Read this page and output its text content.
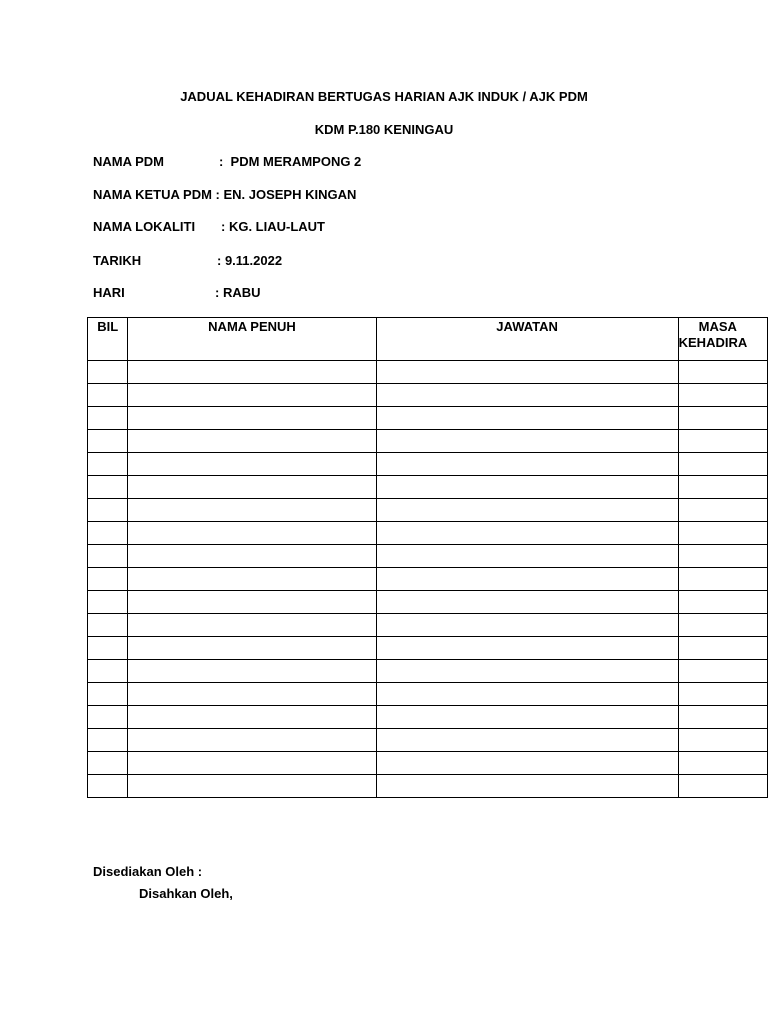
JADUAL KEHADIRAN BERTUGAS HARIAN AJK INDUK / AJK PDM
KDM P.180 KENINGAU
NAMA PDM	:  PDM MERAMPONG 2
NAMA KETUA PDM : EN. JOSEPH KINGAN
NAMA LOKALITI : KG. LIAU-LAUT
TARIKH	: 9.11.2022
HARI	: RABU
BIL	NAMA PENUH	JAWATAN	MASA
KEHADIRA

Disediakan Oleh :
Disahkan Oleh,
